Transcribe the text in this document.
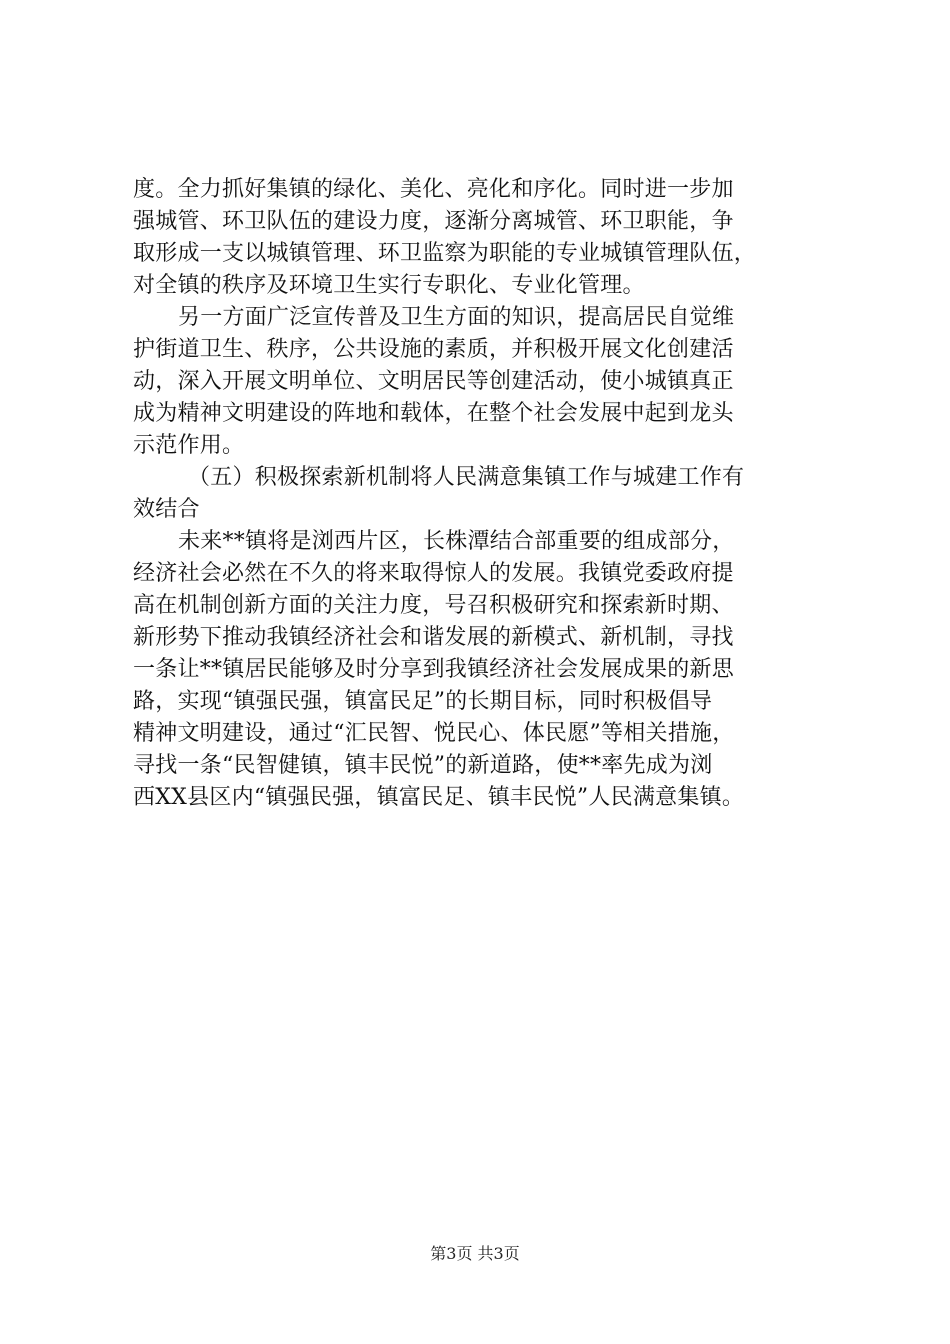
度。全力抓好集镇的绿化、美化、亮化和序化。同时进一步加
强城管、环卫队伍的建设力度，逐渐分离城管、环卫职能，争
取形成一支以城镇管理、环卫监察为职能的专业城镇管理队伍，
对全镇的秩序及环境卫生实行专职化、专业化管理。
另一方面广泛宣传普及卫生方面的知识，提高居民自觉维
护街道卫生、秩序，公共设施的素质，并积极开展文化创建活
动，深入开展文明单位、文明居民等创建活动，使小城镇真正
成为精神文明建设的阵地和载体，在整个社会发展中起到龙头
示范作用。
（五）积极探索新机制将人民满意集镇工作与城建工作有
效结合
未来**镇将是浏西片区，长株潭结合部重要的组成部分，
经济社会必然在不久的将来取得惊人的发展。我镇党委政府提
高在机制创新方面的关注力度，号召积极研究和探索新时期、
新形势下推动我镇经济社会和谐发展的新模式、新机制，寻找
一条让**镇居民能够及时分享到我镇经济社会发展成果的新思
路，实现“镇强民强，镇富民足”的长期目标，同时积极倡导
精神文明建设，通过“汇民智、悦民心、体民愿”等相关措施，
寻找一条“民智健镇，镇丰民悦”的新道路，使**率先成为浏
西XX县区内“镇强民强，镇富民足、镇丰民悦”人民满意集镇。
第3页 共3页
